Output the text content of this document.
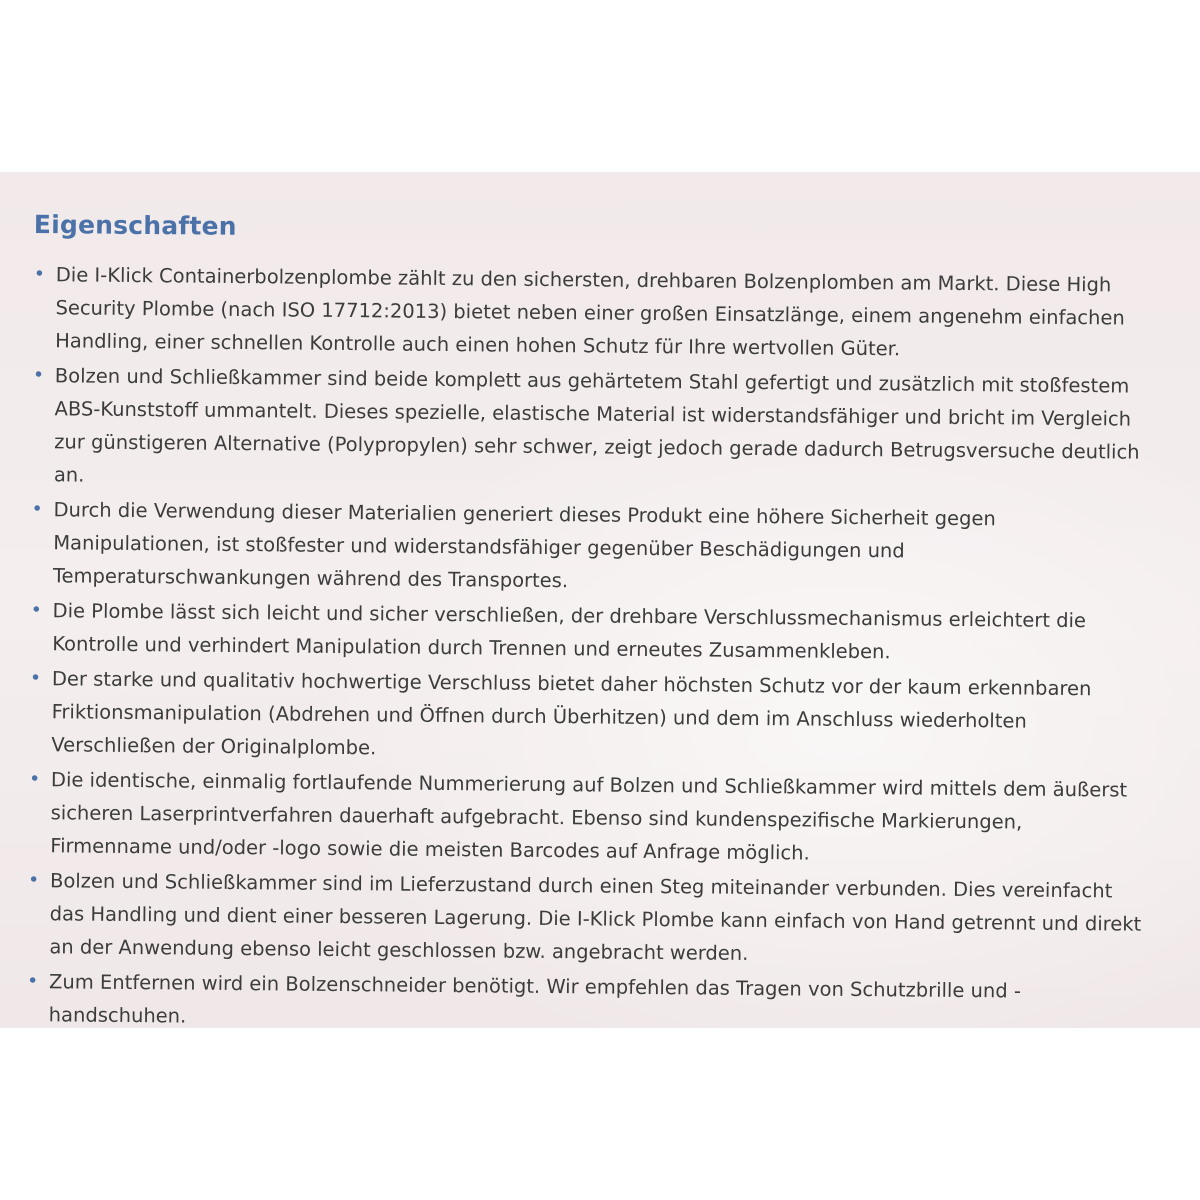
Eigenschaften
• Die I-Klick Containerbolzenplombe zählt zu den sichersten, drehbaren Bolzenplomben am Markt. Diese High Security Plombe (nach ISO 17712:2013) bietet neben einer großen Einsatzlänge, einem angenehm einfachen Handling, einer schnellen Kontrolle auch einen hohen Schutz für Ihre wertvollen Güter.
• Bolzen und Schließkammer sind beide komplett aus gehärtetem Stahl gefertigt und zusätzlich mit stoßfestem ABS-Kunststoff ummantelt. Dieses spezielle, elastische Material ist widerstandsfähiger und bricht im Vergleich zur günstigeren Alternative (Polypropylen) sehr schwer, zeigt jedoch gerade dadurch Betrugsversuche deutlich an.
• Durch die Verwendung dieser Materialien generiert dieses Produkt eine höhere Sicherheit gegen Manipulationen, ist stoßfester und widerstandsfähiger gegenüber Beschädigungen und Temperaturschwankungen während des Transportes.
• Die Plombe lässt sich leicht und sicher verschließen, der drehbare Verschlussmechanismus erleichtert die Kontrolle und verhindert Manipulation durch Trennen und erneutes Zusammenkleben.
• Der starke und qualitativ hochwertige Verschluss bietet daher höchsten Schutz vor der kaum erkennbaren Friktionsmanipulation (Abdrehen und Öffnen durch Überhitzen) und dem im Anschluss wiederholten Verschließen der Originalplombe.
• Die identische, einmalig fortlaufende Nummerierung auf Bolzen und Schließkammer wird mittels dem äußerst sicheren Laserprintverfahren dauerhaft aufgebracht. Ebenso sind kundenspezifische Markierungen, Firmenname und/oder -logo sowie die meisten Barcodes auf Anfrage möglich.
• Bolzen und Schließkammer sind im Lieferzustand durch einen Steg miteinander verbunden. Dies vereinfacht das Handling und dient einer besseren Lagerung. Die I-Klick Plombe kann einfach von Hand getrennt und direkt an der Anwendung ebenso leicht geschlossen bzw. angebracht werden.
• Zum Entfernen wird ein Bolzenschneider benötigt. Wir empfehlen das Tragen von Schutzbrille und -handschuhen.
